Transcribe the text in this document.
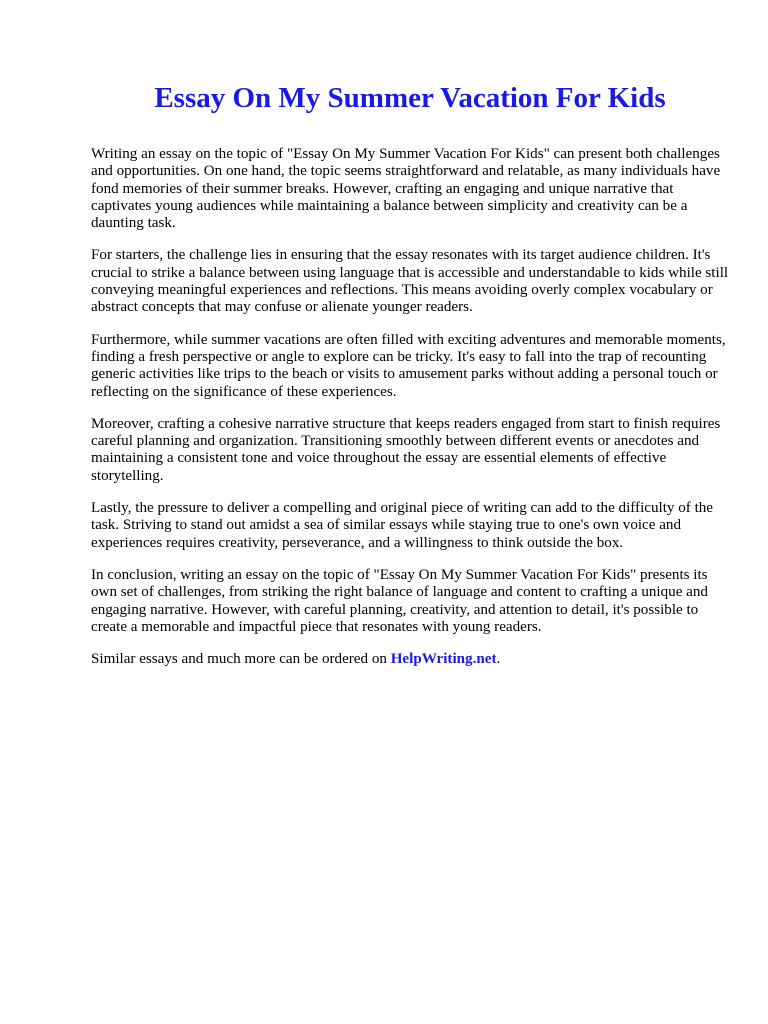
Essay On My Summer Vacation For Kids

Writing an essay on the topic of "Essay On My Summer Vacation For Kids" can present both challenges and opportunities. On one hand, the topic seems straightforward and relatable, as many individuals have fond memories of their summer breaks. However, crafting an engaging and unique narrative that captivates young audiences while maintaining a balance between simplicity and creativity can be a daunting task.

For starters, the challenge lies in ensuring that the essay resonates with its target audience children. It's crucial to strike a balance between using language that is accessible and understandable to kids while still conveying meaningful experiences and reflections. This means avoiding overly complex vocabulary or abstract concepts that may confuse or alienate younger readers.

Furthermore, while summer vacations are often filled with exciting adventures and memorable moments, finding a fresh perspective or angle to explore can be tricky. It's easy to fall into the trap of recounting generic activities like trips to the beach or visits to amusement parks without adding a personal touch or reflecting on the significance of these experiences.

Moreover, crafting a cohesive narrative structure that keeps readers engaged from start to finish requires careful planning and organization. Transitioning smoothly between different events or anecdotes and maintaining a consistent tone and voice throughout the essay are essential elements of effective storytelling.

Lastly, the pressure to deliver a compelling and original piece of writing can add to the difficulty of the task. Striving to stand out amidst a sea of similar essays while staying true to one's own voice and experiences requires creativity, perseverance, and a willingness to think outside the box.

In conclusion, writing an essay on the topic of "Essay On My Summer Vacation For Kids" presents its own set of challenges, from striking the right balance of language and content to crafting a unique and engaging narrative. However, with careful planning, creativity, and attention to detail, it's possible to create a memorable and impactful piece that resonates with young readers.

Similar essays and much more can be ordered on HelpWriting.net.
